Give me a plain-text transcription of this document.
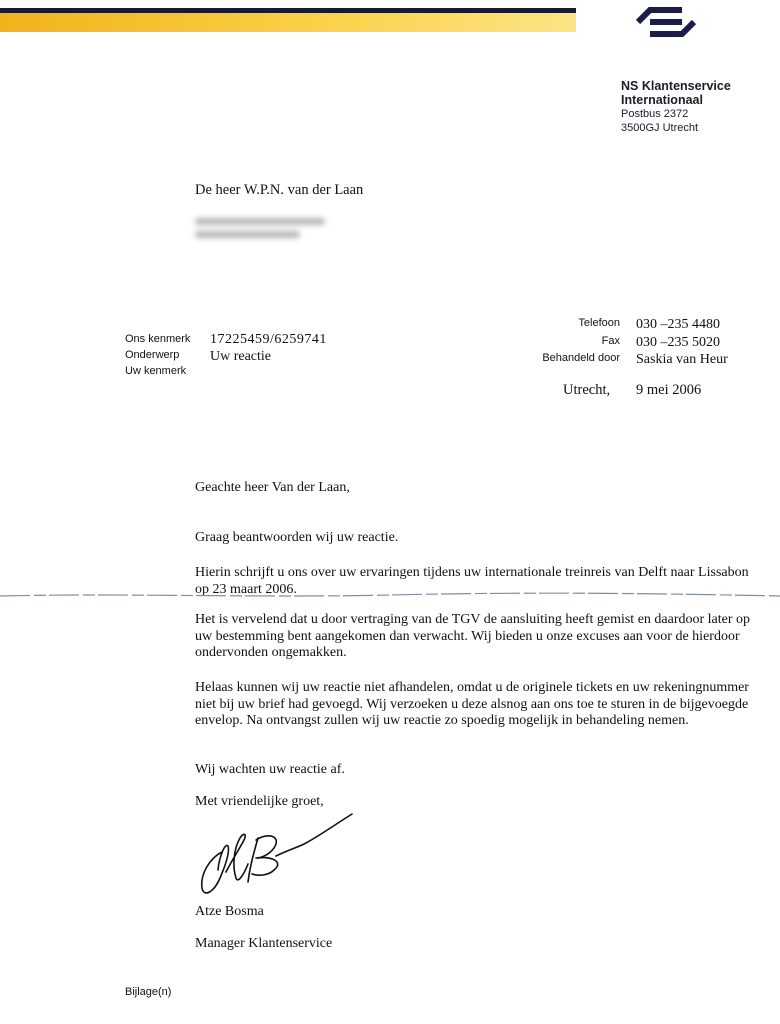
NS Klantenservice
Internationaal
Postbus 2372
3500GJ Utrecht
De heer W.P.N. van der Laan
Ons kenmerk
Onderwerp
Uw kenmerk
17225459/6259741
Uw reactie
Telefoon
Fax
Behandeld door
030 –235 4480
030 –235 5020
Saskia van Heur
Utrecht, 9 mei 2006
Geachte heer Van der Laan,
Graag beantwoorden wij uw reactie.
Hierin schrijft u ons over uw ervaringen tijdens uw internationale treinreis van Delft naar Lissabon op 23 maart 2006.
Het is vervelend dat u door vertraging van de TGV de aansluiting heeft gemist en daardoor later op uw bestemming bent aangekomen dan verwacht. Wij bieden u onze excuses aan voor de hierdoor ondervonden ongemakken.
Helaas kunnen wij uw reactie niet afhandelen, omdat u de originele tickets en uw rekeningnummer niet bij uw brief had gevoegd. Wij verzoeken u deze alsnog aan ons toe te sturen in de bijgevoegde envelop. Na ontvangst zullen wij uw reactie zo spoedig mogelijk in behandeling nemen.
Wij wachten uw reactie af.
Met vriendelijke groet,
Atze Bosma
Manager Klantenservice
Bijlage(n)
